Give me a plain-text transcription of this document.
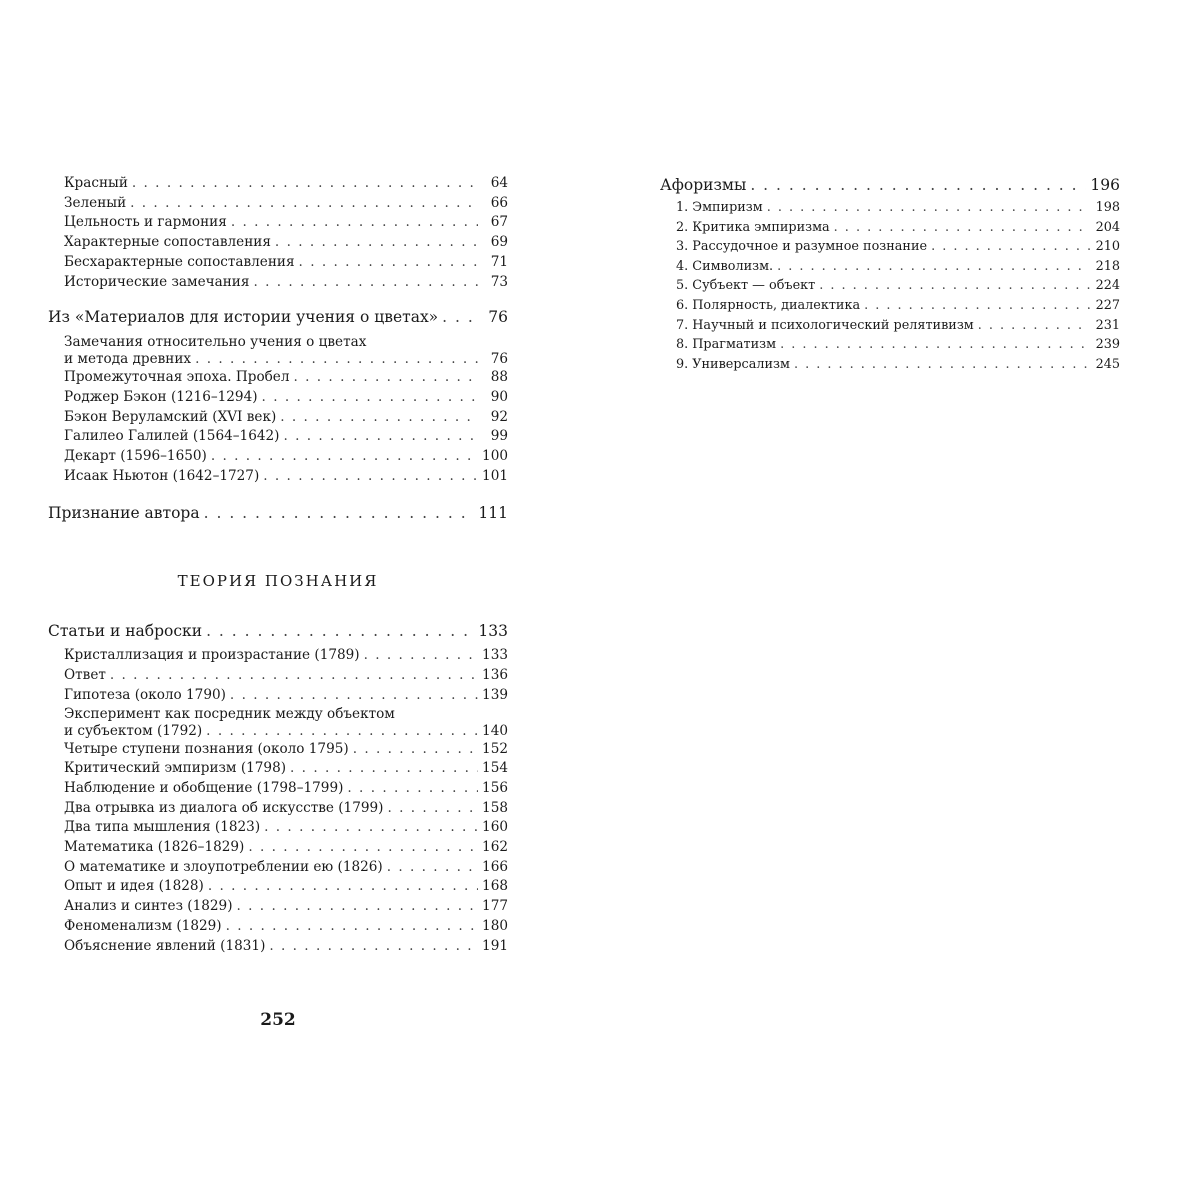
Красный . . .	64
Зеленый . . .	66
Цельность и гармония . . .	67
Характерные сопоставления . . .	69
Бесхарактерные сопоставления . . .	71
Исторические замечания . . .	73
Из «Материалов для истории учения о цветах» . . .	76
Замечания относительно учения о цветах
и метода древних . . .	76
Промежуточная эпоха. Пробел . . .	88
Роджер Бэкон (1216–1294) . . .	90
Бэкон Веруламский (XVI век) . . .	92
Галилео Галилей (1564–1642) . . .	99
Декарт (1596–1650) . . .	100
Исаак Ньютон (1642–1727) . . .	101
Признание автора . . .	111
ТЕОРИЯ ПОЗНАНИЯ
Статьи и наброски . . .	133
Кристаллизация и произрастание (1789) . . .	133
Ответ . . .	136
Гипотеза (около 1790) . . .	139
Эксперимент как посредник между объектом
и субъектом (1792) . . .	140
Четыре ступени познания (около 1795) . . .	152
Критический эмпиризм (1798) . . .	154
Наблюдение и обобщение (1798–1799) . . .	156
Два отрывка из диалога об искусстве (1799) . . .	158
Два типа мышления (1823) . . .	160
Математика (1826–1829) . . .	162
О математике и злоупотреблении ею (1826) . . .	166
Опыт и идея (1828) . . .	168
Анализ и синтез (1829) . . .	177
Феноменализм (1829) . . .	180
Объяснение явлений (1831) . . .	191
252
Афоризмы . . .	196
1. Эмпиризм . . .	198
2. Критика эмпиризма . . .	204
3. Рассудочное и разумное познание . . .	210
4. Символизм. . . .	218
5. Субъект — объект . . .	224
6. Полярность, диалектика . . .	227
7. Научный и психологический релятивизм . . .	231
8. Прагматизм . . .	239
9. Универсализм . . .	245
